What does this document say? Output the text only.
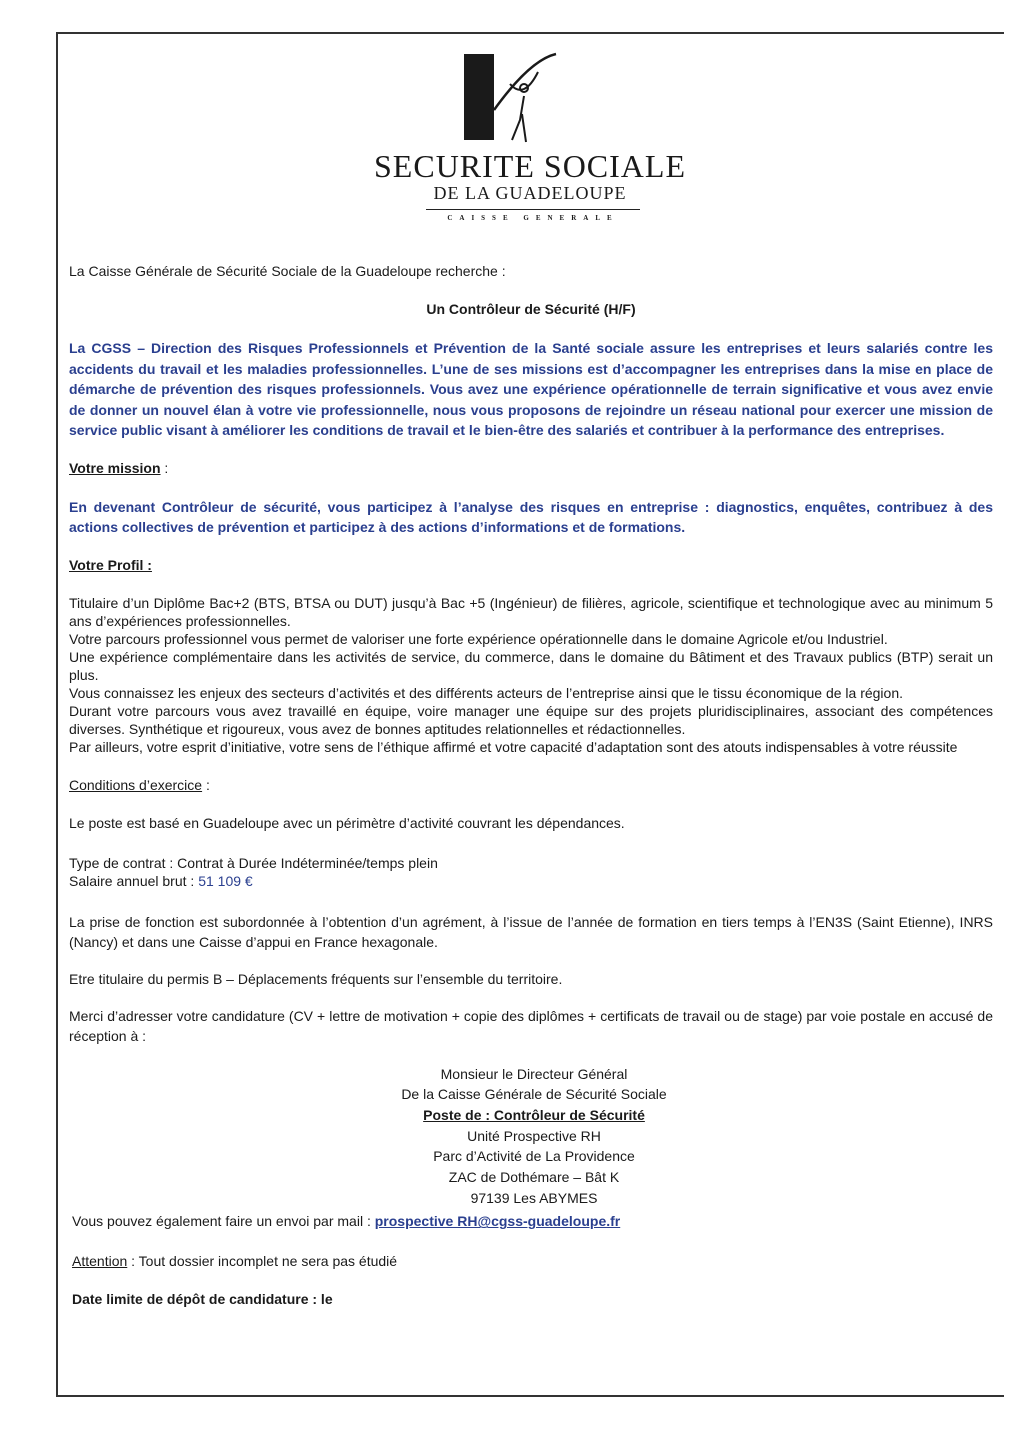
SECURITE SOCIALE
DE LA GUADELOUPE
CAISSE GENERALE

La Caisse Générale de Sécurité Sociale de la Guadeloupe recherche :

Un Contrôleur de Sécurité (H/F)

La CGSS – Direction des Risques Professionnels et Prévention de la Santé sociale assure les entreprises et leurs salariés contre les accidents du travail et les maladies professionnelles. L’une de ses missions est d’accompagner les entreprises dans la mise en place de démarche de prévention des risques professionnels. Vous avez une expérience opérationnelle de terrain significative et vous avez envie de donner un nouvel élan à votre vie professionnelle, nous vous proposons de rejoindre un réseau national pour exercer une mission de service public visant à améliorer les conditions de travail et le bien-être des salariés et contribuer à la performance des entreprises.

Votre mission :

En devenant Contrôleur de sécurité, vous participez à l’analyse des risques en entreprise : diagnostics, enquêtes, contribuez à des actions collectives de prévention et participez à des actions d’informations et de formations.

Votre Profil :

Titulaire d’un Diplôme Bac+2 (BTS, BTSA ou DUT) jusqu’à Bac +5 (Ingénieur) de filières, agricole, scientifique et technologique avec au minimum 5 ans d’expériences professionnelles.

Votre parcours professionnel vous permet de valoriser une forte expérience opérationnelle dans le domaine Agricole et/ou Industriel.

Une expérience complémentaire dans les activités de service, du commerce, dans le domaine du Bâtiment et des Travaux publics (BTP) serait un plus.

Vous connaissez les enjeux des secteurs d’activités et des différents acteurs de l’entreprise ainsi que le tissu économique de la région.

Durant votre parcours vous avez travaillé en équipe, voire manager une équipe sur des projets pluridisciplinaires, associant des compétences diverses. Synthétique et rigoureux, vous avez de bonnes aptitudes relationnelles et rédactionnelles.

Par ailleurs, votre esprit d’initiative, votre sens de l’éthique affirmé et votre capacité d’adaptation sont des atouts indispensables à votre réussite

Conditions d’exercice :

Le poste est basé en Guadeloupe avec un périmètre d’activité couvrant les dépendances.

Type de contrat : Contrat à Durée Indéterminée/temps plein

Salaire annuel brut : 51 109 €

La prise de fonction est subordonnée à l’obtention d’un agrément, à l’issue de l’année de formation en tiers temps à l’EN3S (Saint Etienne), INRS (Nancy) et dans une Caisse d’appui en France hexagonale.

Etre titulaire du permis B – Déplacements fréquents sur l’ensemble du territoire.

Merci d’adresser votre candidature (CV + lettre de motivation + copie des diplômes + certificats de travail ou de stage) par voie postale en accusé de réception à :

Monsieur le Directeur Général
De la Caisse Générale de Sécurité Sociale
Poste de : Contrôleur de Sécurité
Unité Prospective RH
Parc d’Activité de La Providence
ZAC de Dothémare – Bât K
97139 Les ABYMES

Vous pouvez également faire un envoi par mail : prospective RH@cgss-guadeloupe.fr

Attention : Tout dossier incomplet ne sera pas étudié

Date limite de dépôt de candidature : le
